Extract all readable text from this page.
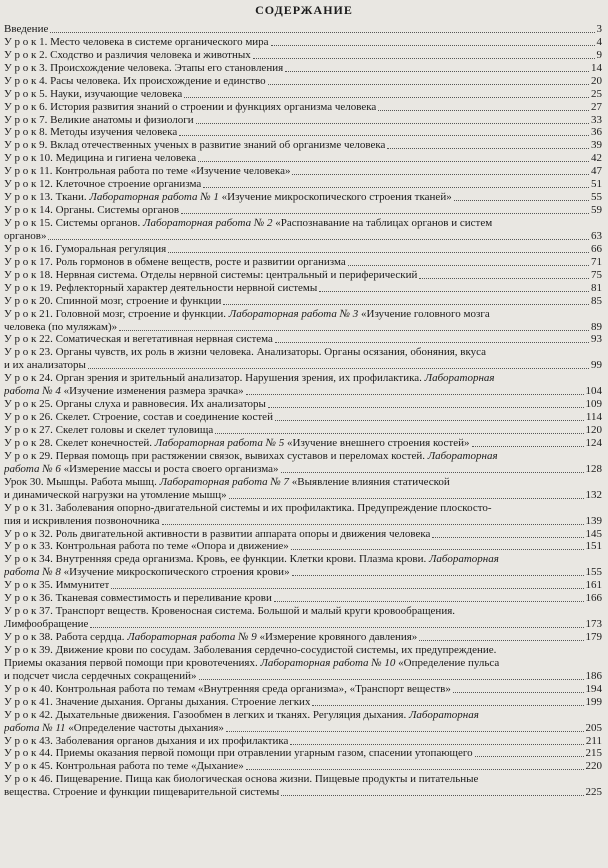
СОДЕРЖАНИЕ
Введение	3
У р о к 1. Место человека в системе органического мира	4
У р о к 2. Сходство и различия человека и животных	9
У р о к 3. Происхождение человека. Этапы его становления	14
У р о к 4. Расы человека. Их происхождение и единство	20
У р о к 5. Науки, изучающие человека	25
У р о к 6. История развития знаний о строении и функциях организма человека	27
У р о к 7. Великие анатомы и физиологи	33
У р о к 8. Методы изучения человека	36
У р о к 9. Вклад отечественных ученых в развитие знаний об организме человека	39
У р о к 10. Медицина и гигиена человека	42
У р о к 11. Контрольная работа по теме «Изучение человека»	47
У р о к 12. Клеточное строение организма	51
У р о к 13. Ткани. Лабораторная работа № 1 «Изучение микроскопического строения тканей»	55
У р о к 14. Органы. Системы органов	59
У р о к 15. Системы органов. Лабораторная работа № 2 «Распознавание на таблицах органов и систем
органов»	63
У р о к 16. Гуморальная регуляция	66
У р о к 17. Роль гормонов в обмене веществ, росте и развитии организма	71
У р о к 18. Нервная система. Отделы нервной системы: центральный и периферический	75
У р о к 19. Рефлекторный характер деятельности нервной системы	81
У р о к 20. Спинной мозг, строение и функции	85
У р о к 21. Головной мозг, строение и функции. Лабораторная работа № 3 «Изучение головного мозга
человека (по муляжам)»	89
У р о к 22. Соматическая и вегетативная нервная система	93
У р о к 23. Органы чувств, их роль в жизни человека. Анализаторы. Органы осязания, обоняния, вкуса
и их анализаторы	99
У р о к 24. Орган зрения и зрительный анализатор. Нарушения зрения, их профилактика. Лабораторная
работа № 4 «Изучение изменения размера зрачка»	104
У р о к 25. Органы слуха и равновесия. Их анализаторы	109
У р о к 26. Скелет. Строение, состав и соединение костей	114
У р о к 27. Скелет головы и скелет туловища	120
У р о к 28. Скелет конечностей. Лабораторная работа № 5 «Изучение внешнего строения костей»	124
У р о к 29. Первая помощь при растяжении связок, вывихах суставов и переломах костей. Лабораторная
работа № 6 «Измерение массы и роста своего организма»	128
Урок 30. Мышцы. Работа мышц. Лабораторная работа № 7 «Выявление влияния статической
и динамической нагрузки на утомление мышц»	132
У р о к 31. Заболевания опорно-двигательной системы и их профилактика. Предупреждение плоскосто-
пия и искривления позвоночника	139
У р о к 32. Роль двигательной активности в развитии аппарата опоры и движения человека	145
У р о к 33. Контрольная работа по теме «Опора и движение»	151
У р о к 34. Внутренняя среда организма. Кровь, ее функции. Клетки крови. Плазма крови. Лабораторная
работа № 8 «Изучение микроскопического строения крови»	155
У р о к 35. Иммунитет	161
У р о к 36. Тканевая совместимость и переливание крови	166
У р о к 37. Транспорт веществ. Кровеносная система. Большой и малый круги кровообращения.
Лимфообращение	173
У р о к 38. Работа сердца. Лабораторная работа № 9 «Измерение кровяного давления»	179
У р о к 39. Движение крови по сосудам. Заболевания сердечно-сосудистой системы, их предупреждение.
Приемы оказания первой помощи при кровотечениях. Лабораторная работа № 10 «Определение пульса
и подсчет числа сердечных сокращений»	186
У р о к 40. Контрольная работа по темам «Внутренняя среда организма», «Транспорт веществ»	194
У р о к 41. Значение дыхания. Органы дыхания. Строение легких	199
У р о к 42. Дыхательные движения. Газообмен в легких и тканях. Регуляция дыхания. Лабораторная
работа № 11 «Определение частоты дыхания»	205
У р о к 43. Заболевания органов дыхания и их профилактика	211
У р о к 44. Приемы оказания первой помощи при отравлении угарным газом, спасении утопающего	215
У р о к 45. Контрольная работа по теме «Дыхание»	220
У р о к 46. Пищеварение. Пища как биологическая основа жизни. Пищевые продукты и питательные
вещества. Строение и функции пищеварительной системы	225
